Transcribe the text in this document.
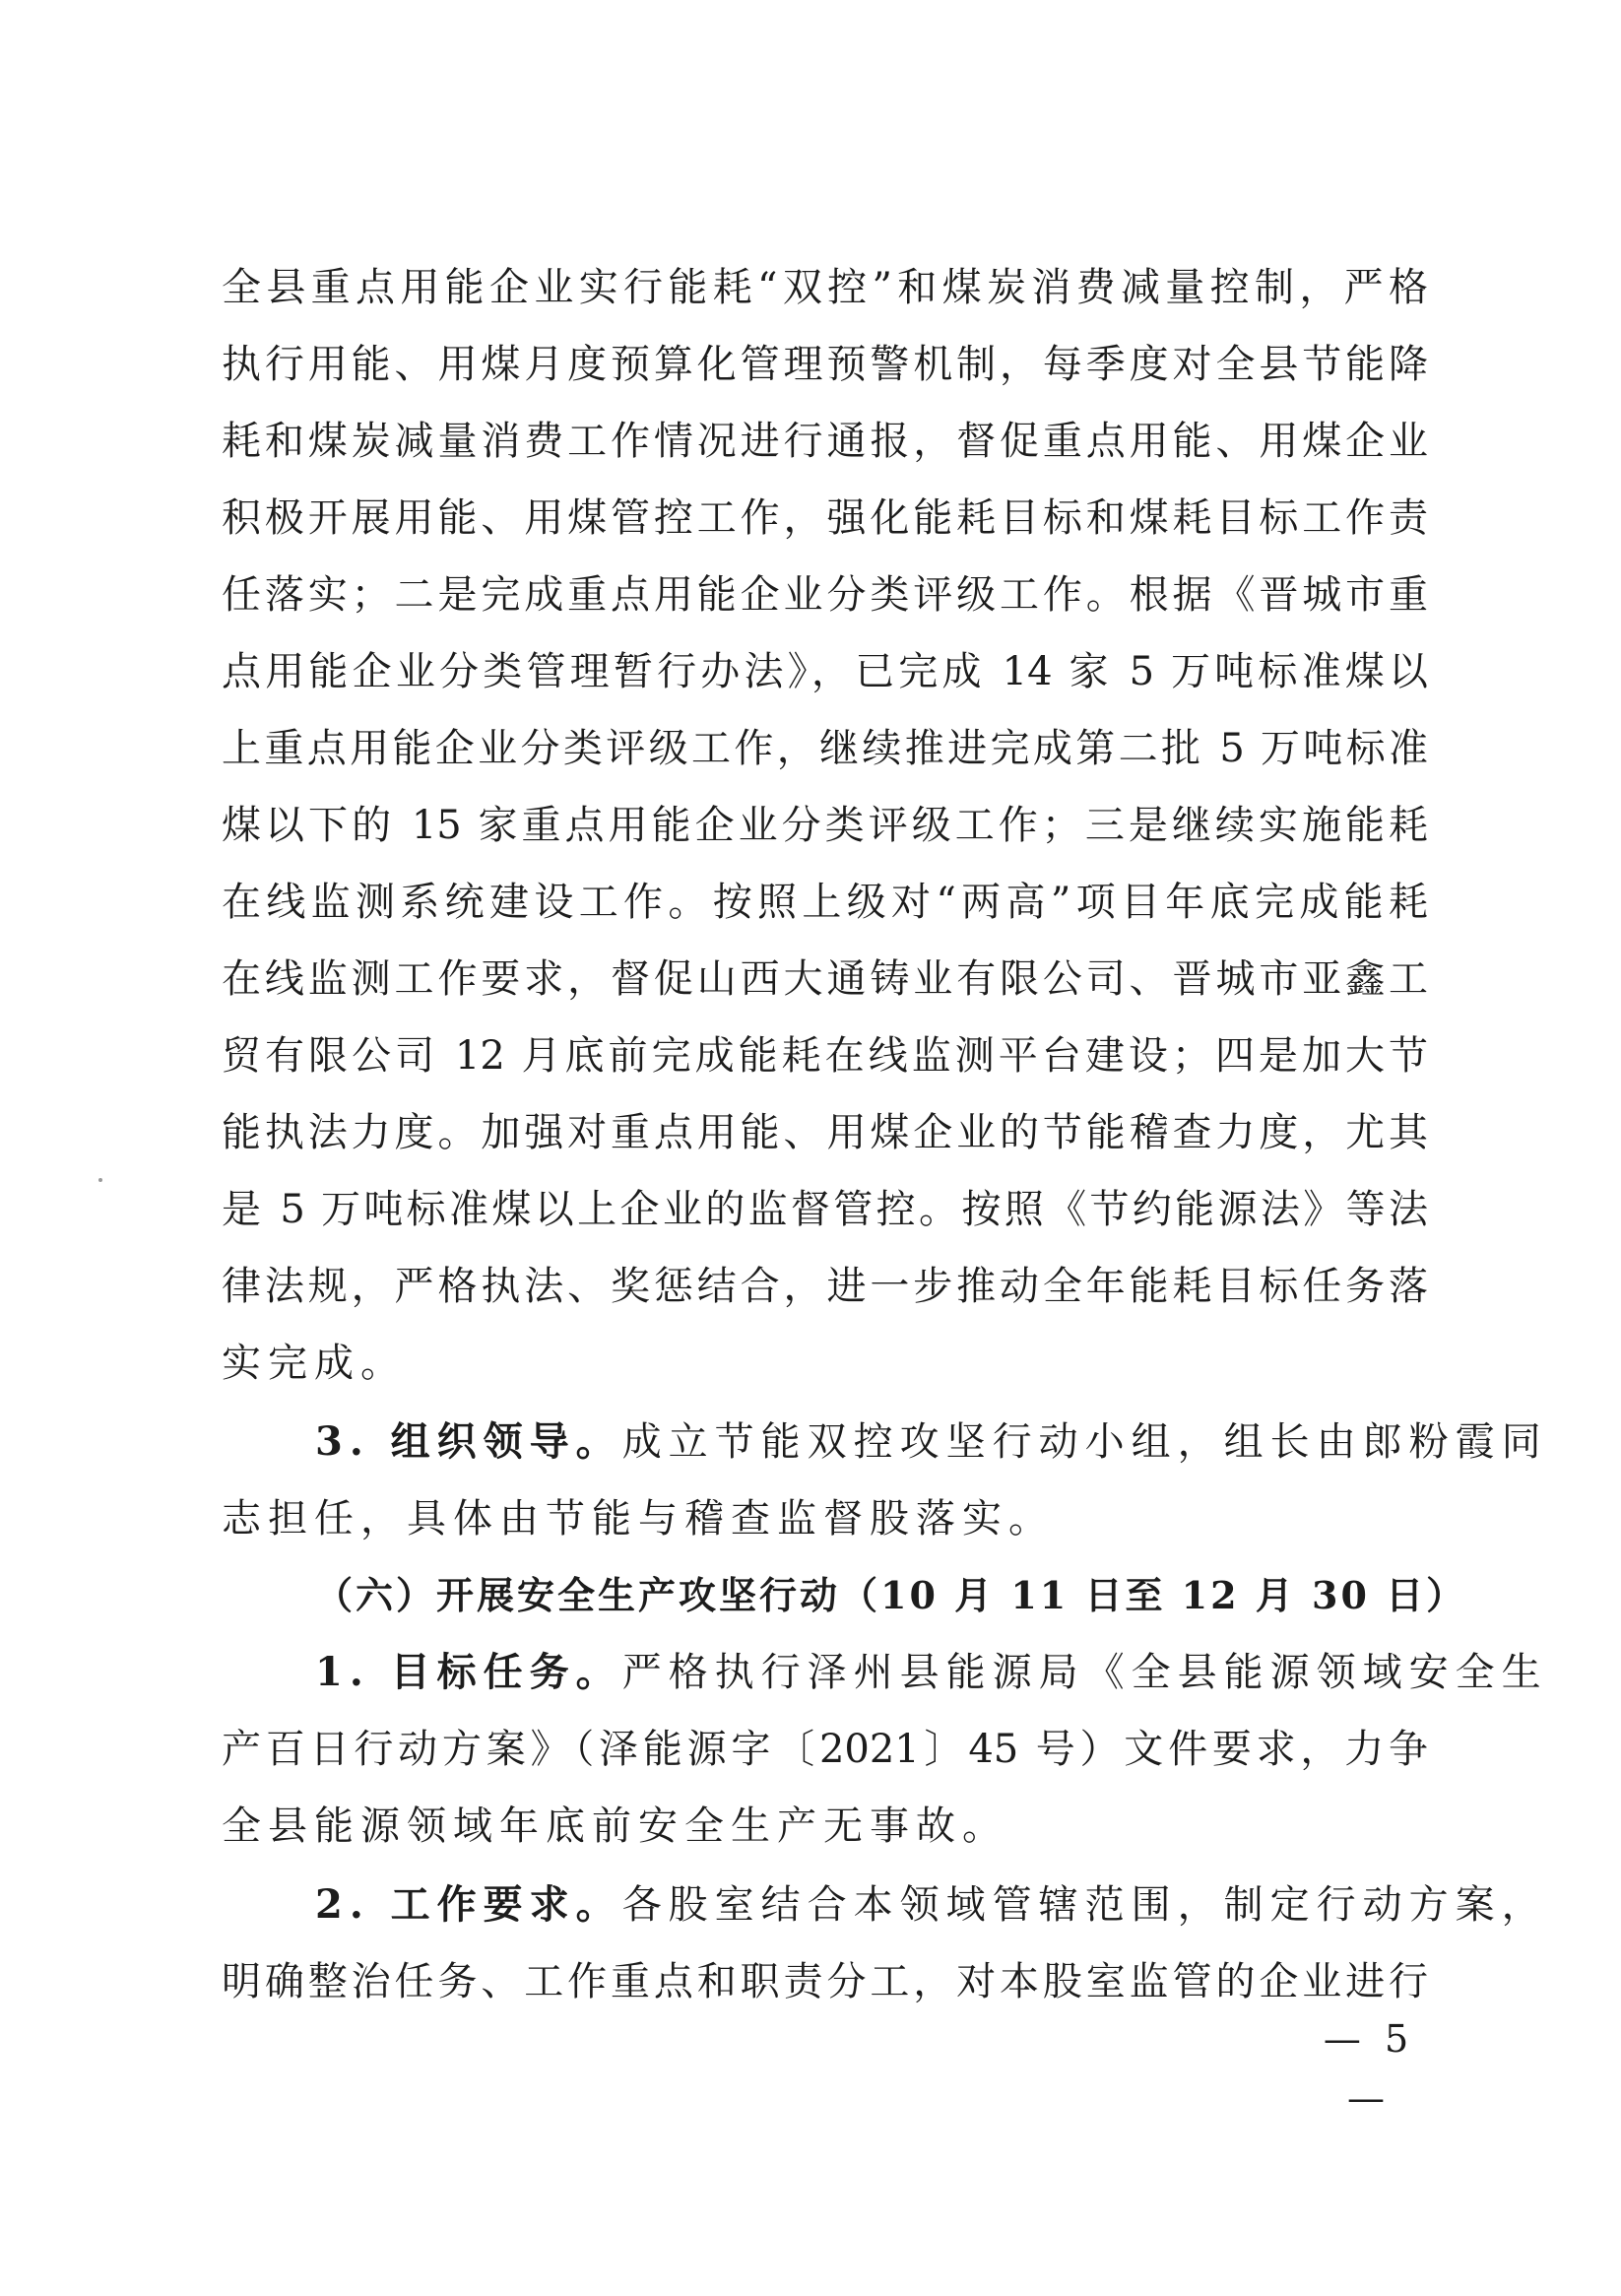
全县重点用能企业实行能耗“双控”和煤炭消费减量控制，严格
执行用能、用煤月度预算化管理预警机制，每季度对全县节能降
耗和煤炭减量消费工作情况进行通报，督促重点用能、用煤企业
积极开展用能、用煤管控工作，强化能耗目标和煤耗目标工作责
任落实；二是完成重点用能企业分类评级工作。根据《晋城市重
点用能企业分类管理暂行办法》，已完成 14 家 5 万吨标准煤以
上重点用能企业分类评级工作，继续推进完成第二批 5 万吨标准
煤以下的 15 家重点用能企业分类评级工作；三是继续实施能耗
在线监测系统建设工作。按照上级对“两高”项目年底完成能耗
在线监测工作要求，督促山西大通铸业有限公司、晋城市亚鑫工
贸有限公司 12 月底前完成能耗在线监测平台建设；四是加大节
能执法力度。加强对重点用能、用煤企业的节能稽查力度，尤其
是 5 万吨标准煤以上企业的监督管控。按照《节约能源法》等法
律法规，严格执法、奖惩结合，进一步推动全年能耗目标任务落
实完成。
3. 组织领导。成立节能双控攻坚行动小组，组长由郎粉霞同
志担任，具体由节能与稽查监督股落实。
（六）开展安全生产攻坚行动（10 月 11 日至 12 月 30 日）
1. 目标任务。严格执行泽州县能源局《全县能源领域安全生
产百日行动方案》（泽能源字〔2021〕45 号）文件要求，力争
全县能源领域年底前安全生产无事故。
2. 工作要求。各股室结合本领域管辖范围，制定行动方案，
明确整治任务、工作重点和职责分工，对本股室监管的企业进行
— 5 —
